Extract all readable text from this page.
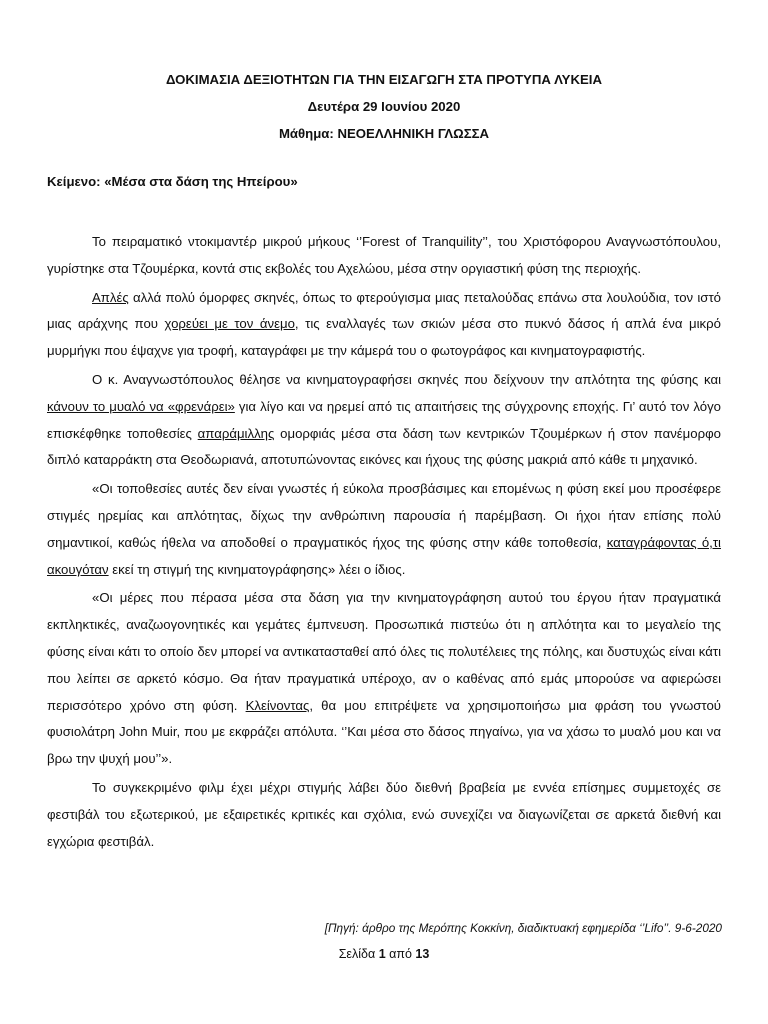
ΔΟΚΙΜΑΣΙΑ ΔΕΞΙΟΤΗΤΩΝ ΓΙΑ ΤΗΝ ΕΙΣΑΓΩΓΗ ΣΤΑ ΠΡΟΤΥΠΑ ΛΥΚΕΙΑ
Δευτέρα 29 Ιουνίου 2020
Μάθημα: ΝΕΟΕΛΛΗΝΙΚΗ ΓΛΩΣΣΑ
Κείμενο: «Μέσα στα δάση της Ηπείρου»

Το πειραματικό ντοκιμαντέρ μικρού μήκους ‘’Forest of Tranquility’’, του Χριστόφορου Αναγνωστόπουλου, γυρίστηκε στα Τζουμέρκα, κοντά στις εκβολές του Αχελώου, μέσα στην οργιαστική φύση της περιοχής.

Απλές αλλά πολύ όμορφες σκηνές, όπως το φτερούγισμα μιας πεταλούδας επάνω στα λουλούδια, τον ιστό μιας αράχνης που χορεύει με τον άνεμο, τις εναλλαγές των σκιών μέσα στο πυκνό δάσος ή απλά ένα μικρό μυρμήγκι που έψαχνε για τροφή, καταγράφει με την κάμερά του ο φωτογράφος και κινηματογραφιστής.

Ο κ. Αναγνωστόπουλος θέλησε να κινηματογραφήσει σκηνές που δείχνουν την απλότητα της φύσης και κάνουν το μυαλό να «φρενάρει» για λίγο και να ηρεμεί από τις απαιτήσεις της σύγχρονης εποχής. Γι’ αυτό τον λόγο επισκέφθηκε τοποθεσίες απαράμιλλης ομορφιάς μέσα στα δάση των κεντρικών Τζουμέρκων ή στον πανέμορφο διπλό καταρράκτη στα Θεοδωριανά, αποτυπώνοντας εικόνες και ήχους της φύσης μακριά από κάθε τι μηχανικό.

«Οι τοποθεσίες αυτές δεν είναι γνωστές ή εύκολα προσβάσιμες και επομένως η φύση εκεί μου προσέφερε στιγμές ηρεμίας και απλότητας, δίχως την ανθρώπινη παρουσία ή παρέμβαση. Οι ήχοι ήταν επίσης πολύ σημαντικοί, καθώς ήθελα να αποδοθεί ο πραγματικός ήχος της φύσης στην κάθε τοποθεσία, καταγράφοντας ό,τι ακουγόταν εκεί τη στιγμή της κινηματογράφησης» λέει ο ίδιος.

«Οι μέρες που πέρασα μέσα στα δάση για την κινηματογράφηση αυτού του έργου ήταν πραγματικά εκπληκτικές, αναζωογονητικές και γεμάτες έμπνευση. Προσωπικά πιστεύω ότι η απλότητα και το μεγαλείο της φύσης είναι κάτι το οποίο δεν μπορεί να αντικατασταθεί από όλες τις πολυτέλειες της πόλης, και δυστυχώς είναι κάτι που λείπει σε αρκετό κόσμο. Θα ήταν πραγματικά υπέροχο, αν ο καθένας από εμάς μπορούσε να αφιερώσει περισσότερο χρόνο στη φύση. Κλείνοντας, θα μου επιτρέψετε να χρησιμοποιήσω μια φράση του γνωστού φυσιολάτρη John Muir, που με εκφράζει απόλυτα. ‘’Και μέσα στο δάσος πηγαίνω, για να χάσω το μυαλό μου και να βρω την ψυχή μου’’».

Το συγκεκριμένο φιλμ έχει μέχρι στιγμής λάβει δύο διεθνή βραβεία με εννέα επίσημες συμμετοχές σε φεστιβάλ του εξωτερικού, με εξαιρετικές κριτικές και σχόλια, ενώ συνεχίζει να διαγωνίζεται σε αρκετά διεθνή και εγχώρια φεστιβάλ.

[Πηγή: άρθρο της Μερόπης Κοκκίνη, διαδικτυακή εφημερίδα ‘’Lifo’’. 9-6-2020
Σελίδα 1 από 13
